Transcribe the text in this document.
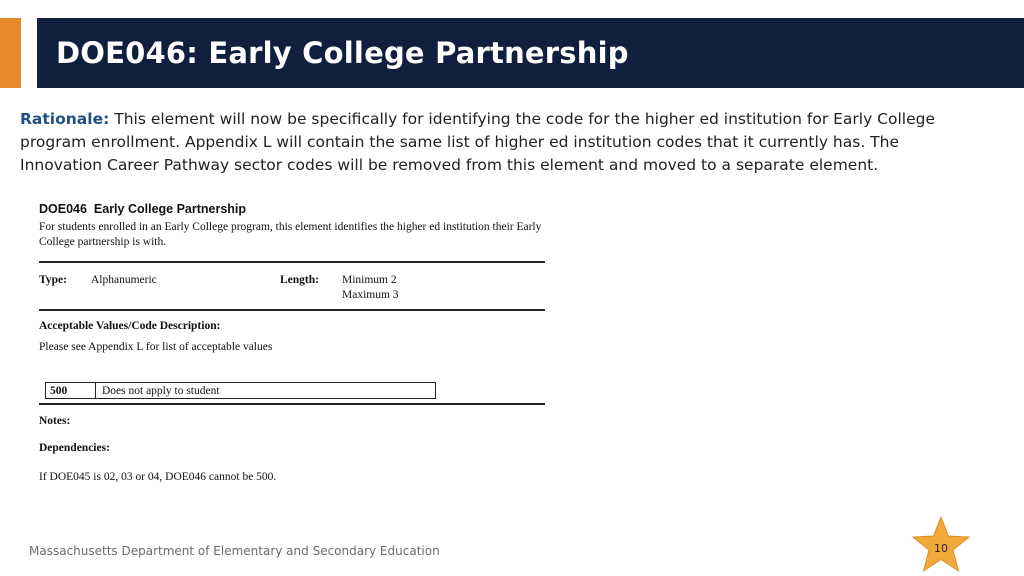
DOE046: Early College Partnership
Rationale: This element will now be specifically for identifying the code for the higher ed institution for Early College program enrollment. Appendix L will contain the same list of higher ed institution codes that it currently has. The Innovation Career Pathway sector codes will be removed from this element and moved to a separate element.
DOE046 Early College Partnership
For students enrolled in an Early College program, this element identifies the higher ed institution their Early College partnership is with.
Type: Alphanumeric	Length: Minimum 2
Maximum 3
Acceptable Values/Code Description:
Please see Appendix L for list of acceptable values
500	Does not apply to student
Notes:
Dependencies:
If DOE045 is 02, 03 or 04, DOE046 cannot be 500.
Massachusetts Department of Elementary and Secondary Education	10
